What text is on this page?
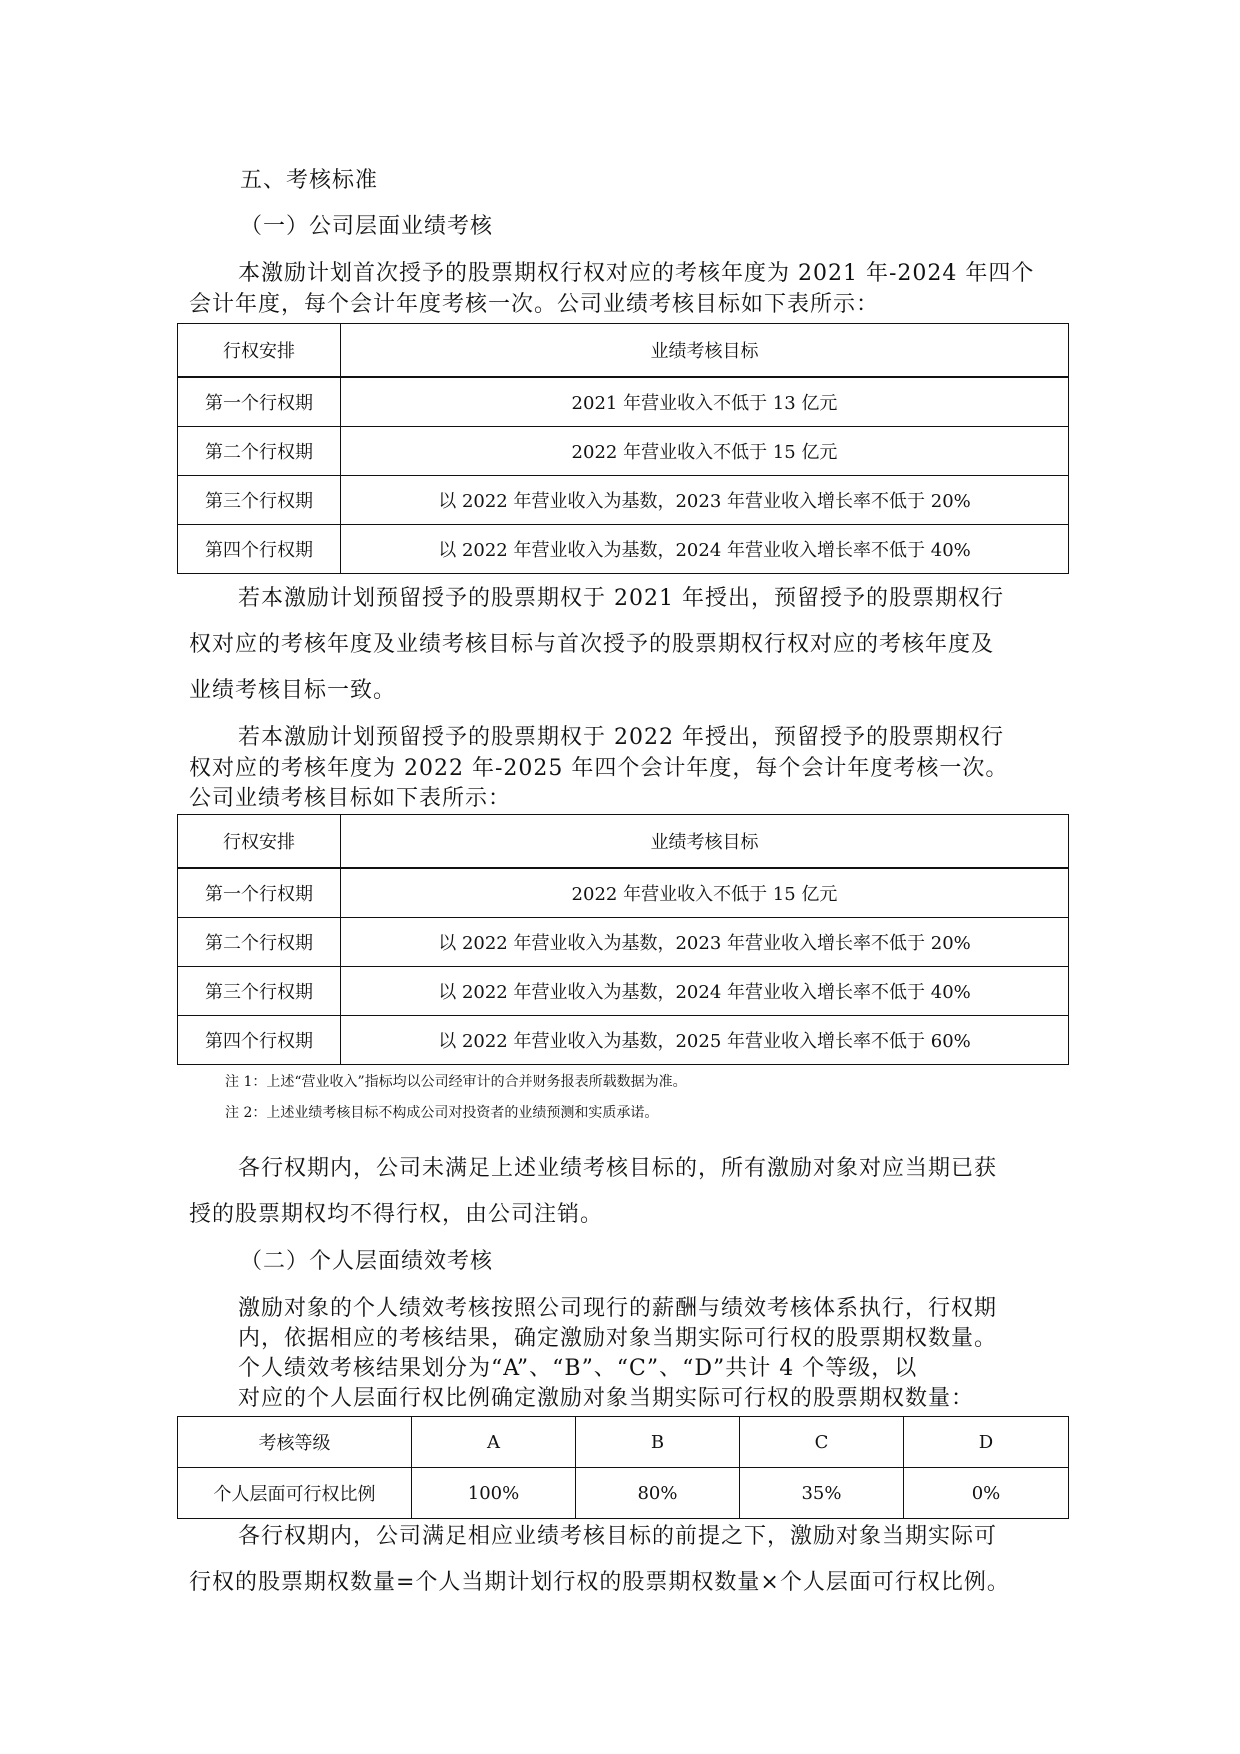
五、考核标准
（一）公司层面业绩考核
本激励计划首次授予的股票期权行权对应的考核年度为 2021 年-2024 年四个
会计年度，每个会计年度考核一次。公司业绩考核目标如下表所示：
行权安排	业绩考核目标
第一个行权期	2021 年营业收入不低于 13 亿元
第二个行权期	2022 年营业收入不低于 15 亿元
第三个行权期	以 2022 年营业收入为基数，2023 年营业收入增长率不低于 20%
第四个行权期	以 2022 年营业收入为基数，2024 年营业收入增长率不低于 40%
若本激励计划预留授予的股票期权于 2021 年授出，预留授予的股票期权行
权对应的考核年度及业绩考核目标与首次授予的股票期权行权对应的考核年度及
业绩考核目标一致。
若本激励计划预留授予的股票期权于 2022 年授出，预留授予的股票期权行
权对应的考核年度为 2022 年-2025 年四个会计年度，每个会计年度考核一次。
公司业绩考核目标如下表所示：
行权安排	业绩考核目标
第一个行权期	2022 年营业收入不低于 15 亿元
第二个行权期	以 2022 年营业收入为基数，2023 年营业收入增长率不低于 20%
第三个行权期	以 2022 年营业收入为基数，2024 年营业收入增长率不低于 40%
第四个行权期	以 2022 年营业收入为基数，2025 年营业收入增长率不低于 60%
注 1：上述“营业收入”指标均以公司经审计的合并财务报表所载数据为准。
注 2：上述业绩考核目标不构成公司对投资者的业绩预测和实质承诺。
各行权期内，公司未满足上述业绩考核目标的，所有激励对象对应当期已获
授的股票期权均不得行权，由公司注销。
（二）个人层面绩效考核
激励对象的个人绩效考核按照公司现行的薪酬与绩效考核体系执行，行权期
内，依据相应的考核结果，确定激励对象当期实际可行权的股票期权数量。
个人绩效考核结果划分为“A”、“B”、“C”、“D”共计 4 个等级，以
对应的个人层面行权比例确定激励对象当期实际可行权的股票期权数量：
考核等级	A	B	C	D
个人层面可行权比例	100%	80%	35%	0%
各行权期内，公司满足相应业绩考核目标的前提之下，激励对象当期实际可
行权的股票期权数量=个人当期计划行权的股票期权数量×个人层面可行权比例。
